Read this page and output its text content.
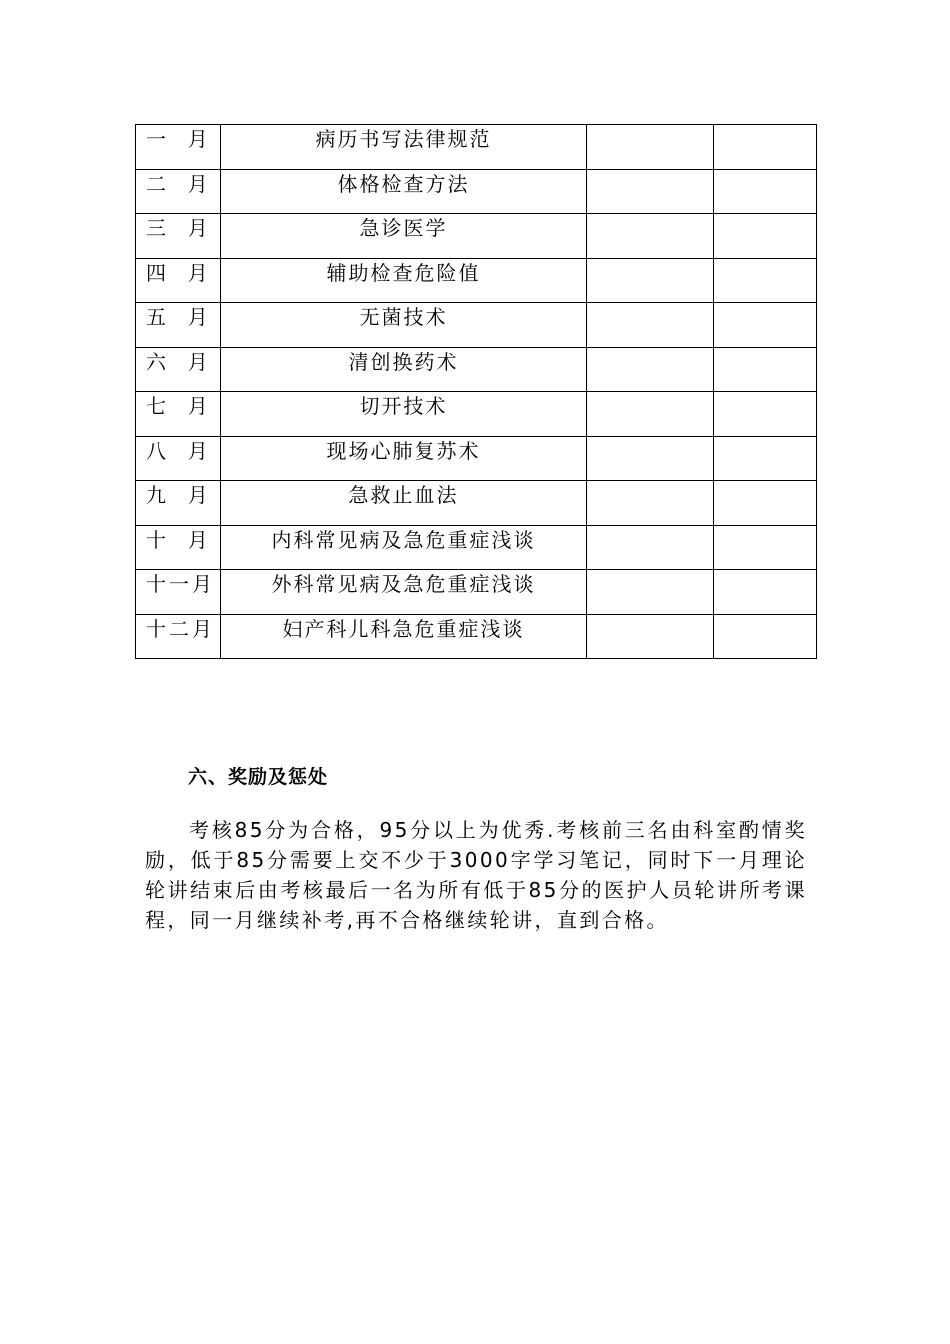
一  月	病历书写法律规范		
二  月	体格检查方法		
三  月	急诊医学		
四  月	辅助检查危险值		
五  月	无菌技术		
六  月	清创换药术		
七  月	切开技术		
八  月	现场心肺复苏术		
九  月	急救止血法		
十  月	内科常见病及急危重症浅谈		
十一月	外科常见病及急危重症浅谈		
十二月	妇产科儿科急危重症浅谈		
六、奖励及惩处

考核85分为合格，95分以上为优秀.考核前三名由科室酌情奖励，低于85分需要上交不少于3000字学习笔记，同时下一月理论轮讲结束后由考核最后一名为所有低于85分的医护人员轮讲所考课程，同一月继续补考,再不合格继续轮讲，直到合格。
